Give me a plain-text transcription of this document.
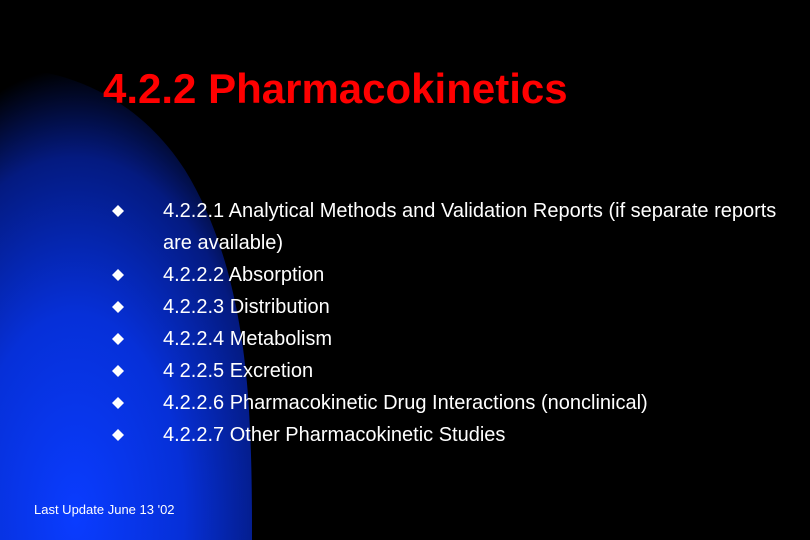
4.2.2 Pharmacokinetics
4.2.2.1 Analytical Methods and Validation Reports (if separate reports are available)
4.2.2.2 Absorption
4.2.2.3 Distribution
4.2.2.4 Metabolism
4 2.2.5 Excretion
4.2.2.6 Pharmacokinetic Drug Interactions (nonclinical)
4.2.2.7 Other Pharmacokinetic Studies

Last Update June 13 '02
